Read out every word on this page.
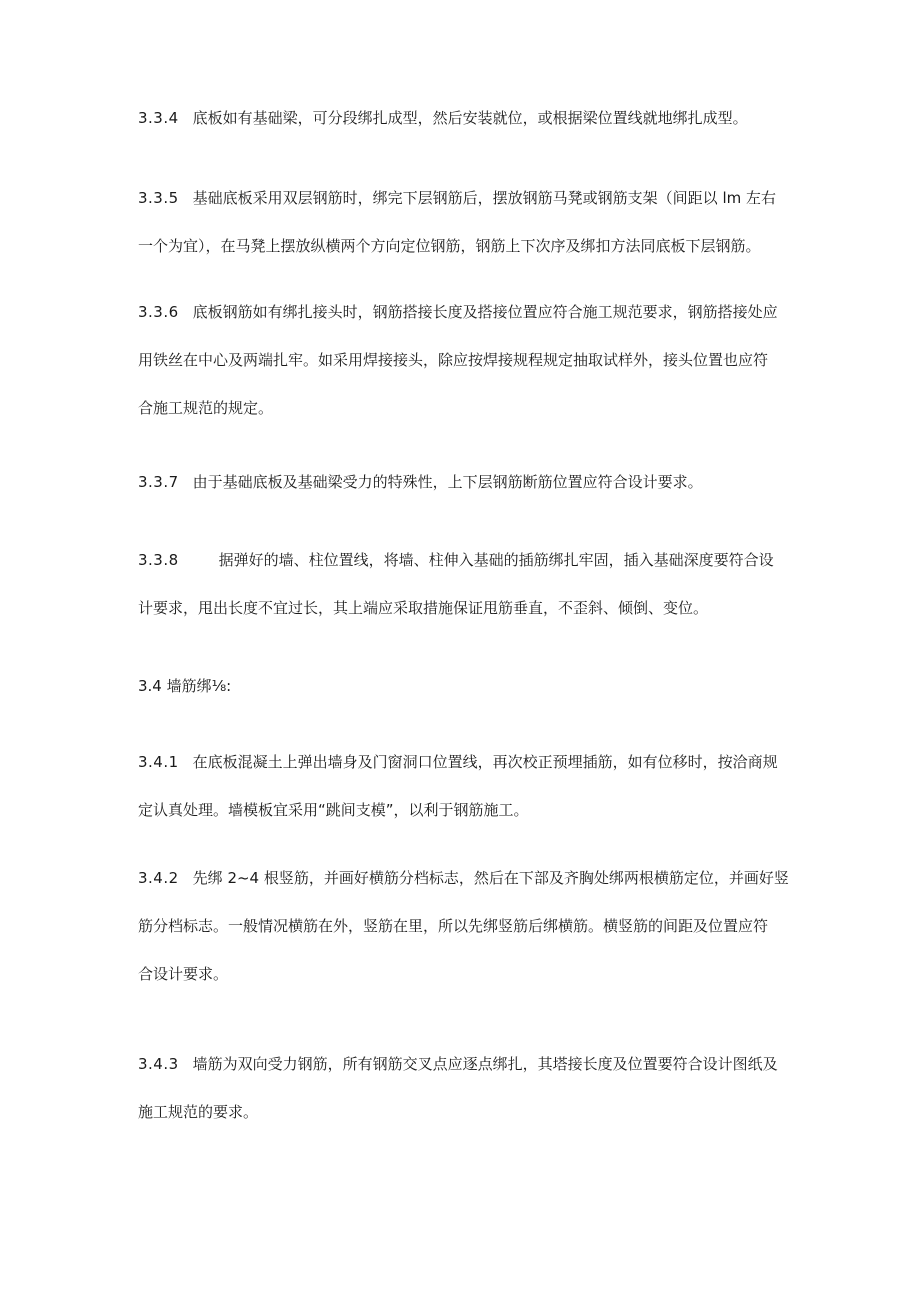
3.3.4 底板如有基础梁，可分段绑扎成型，然后安装就位，或根据梁位置线就地绑扎成型。
3.3.5 基础底板采用双层钢筋时，绑完下层钢筋后，摆放钢筋马凳或钢筋支架（间距以 lm 左右
一个为宜），在马凳上摆放纵横两个方向定位钢筋，钢筋上下次序及绑扣方法同底板下层钢筋。
3.3.6 底板钢筋如有绑扎接头时，钢筋搭接长度及搭接位置应符合施工规范要求，钢筋搭接处应
用铁丝在中心及两端扎牢。如采用焊接接头，除应按焊接规程规定抽取试样外，接头位置也应符
合施工规范的规定。
3.3.7 由于基础底板及基础梁受力的特殊性，上下层钢筋断筋位置应符合设计要求。
3.3.8	据弹好的墙、柱位置线，将墙、柱伸入基础的插筋绑扎牢固，插入基础深度要符合设
计要求，甩出长度不宜过长，其上端应采取措施保证甩筋垂直，不歪斜、倾倒、变位。
3.4 墙筋绑⅛:
3.4.1 在底板混凝土上弹出墙身及门窗洞口位置线，再次校正预埋插筋，如有位移时，按洽商规
定认真处理。墙模板宜采用“跳间支模”，以利于钢筋施工。
3.4.2 先绑 2~4 根竖筋，并画好横筋分档标志，然后在下部及齐胸处绑两根横筋定位，并画好竖
筋分档标志。一般情况横筋在外，竖筋在里，所以先绑竖筋后绑横筋。横竖筋的间距及位置应符
合设计要求。
3.4.3 墙筋为双向受力钢筋，所有钢筋交叉点应逐点绑扎，其塔接长度及位置要符合设计图纸及
施工规范的要求。
